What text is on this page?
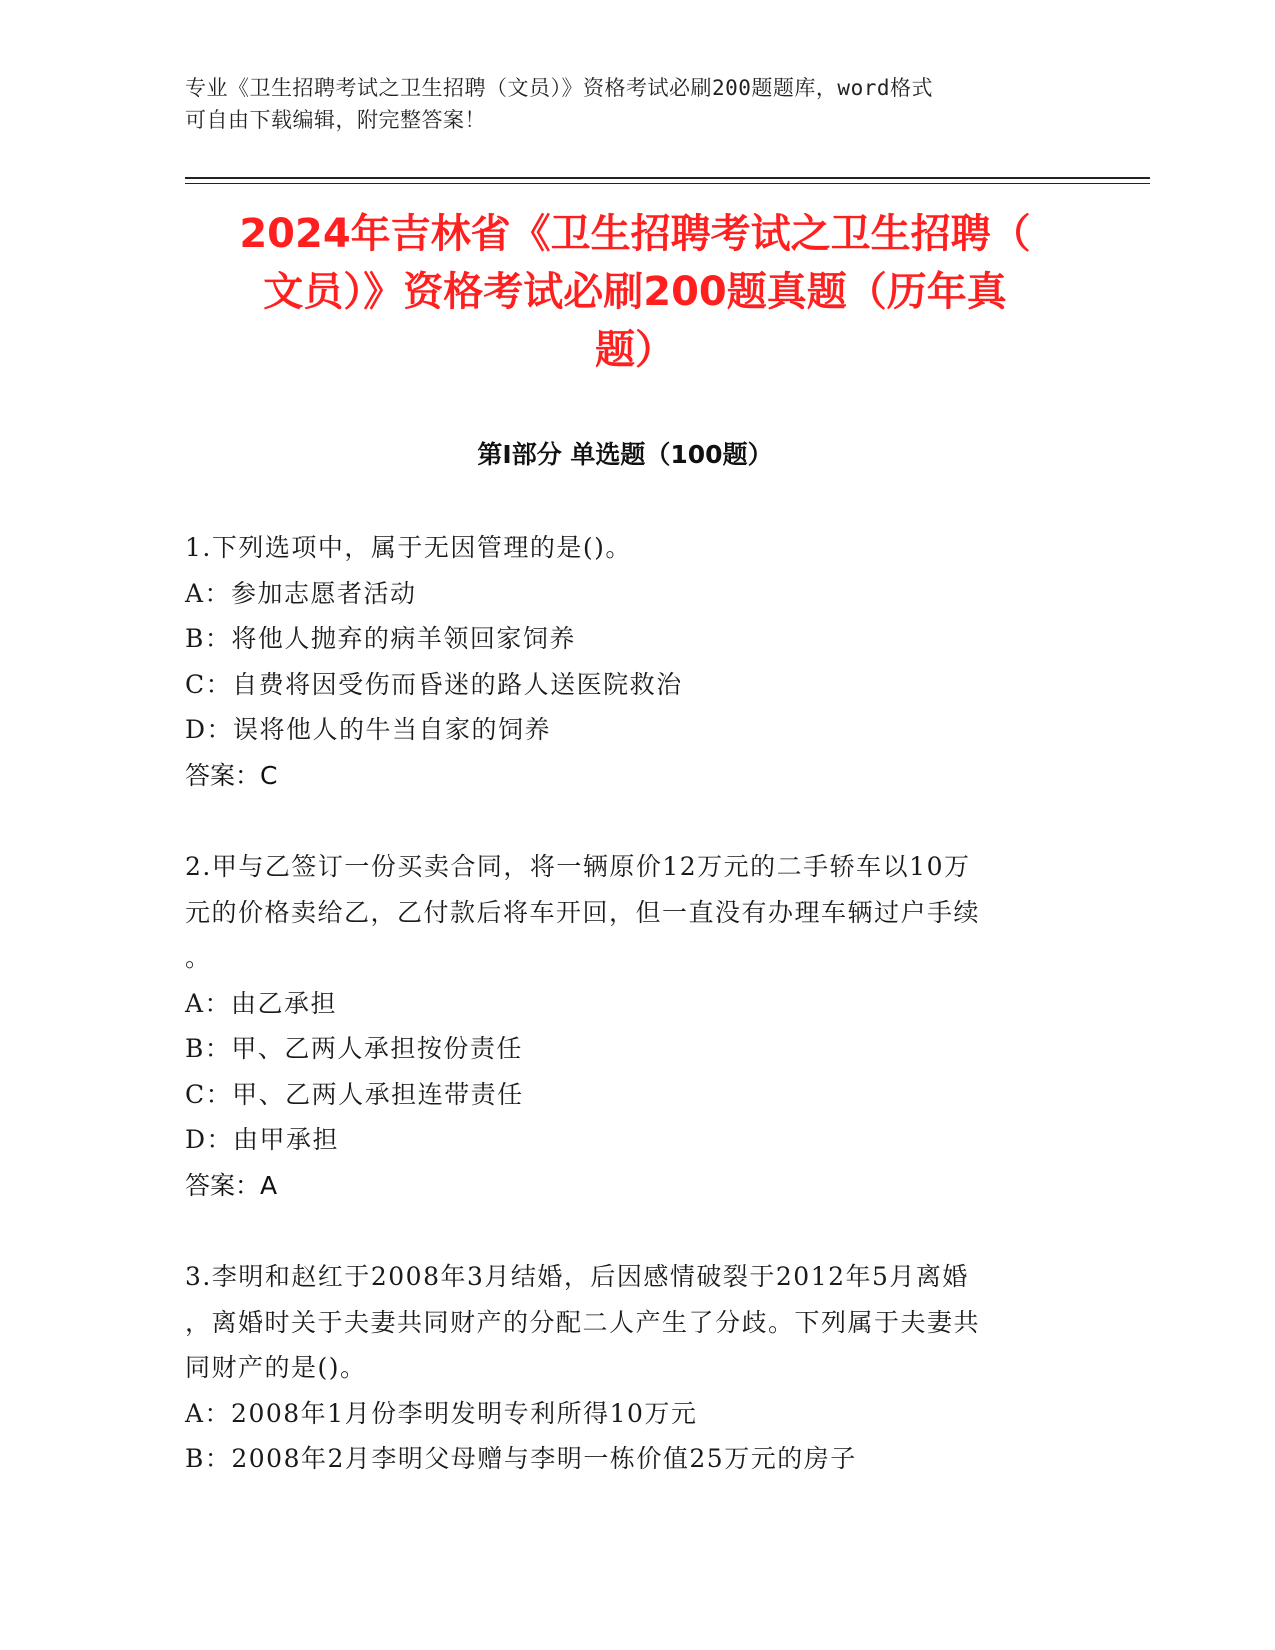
专业《卫生招聘考试之卫生招聘（文员）》资格考试必刷200题题库，word格式
可自由下载编辑，附完整答案！
2024年吉林省《卫生招聘考试之卫生招聘（
文员）》资格考试必刷200题真题（历年真
题）
第Ⅰ部分 单选题（100题）
1.下列选项中，属于无因管理的是()。
A：参加志愿者活动
B：将他人抛弃的病羊领回家饲养
C：自费将因受伤而昏迷的路人送医院救治
D：误将他人的牛当自家的饲养
答案：C
2.甲与乙签订一份买卖合同，将一辆原价12万元的二手轿车以10万
元的价格卖给乙，乙付款后将车开回，但一直没有办理车辆过户手续
。
A：由乙承担
B：甲、乙两人承担按份责任
C：甲、乙两人承担连带责任
D：由甲承担
答案：A
3.李明和赵红于2008年3月结婚，后因感情破裂于2012年5月离婚
，离婚时关于夫妻共同财产的分配二人产生了分歧。下列属于夫妻共
同财产的是()。
A：2008年1月份李明发明专利所得10万元
B：2008年2月李明父母赠与李明一栋价值25万元的房子
